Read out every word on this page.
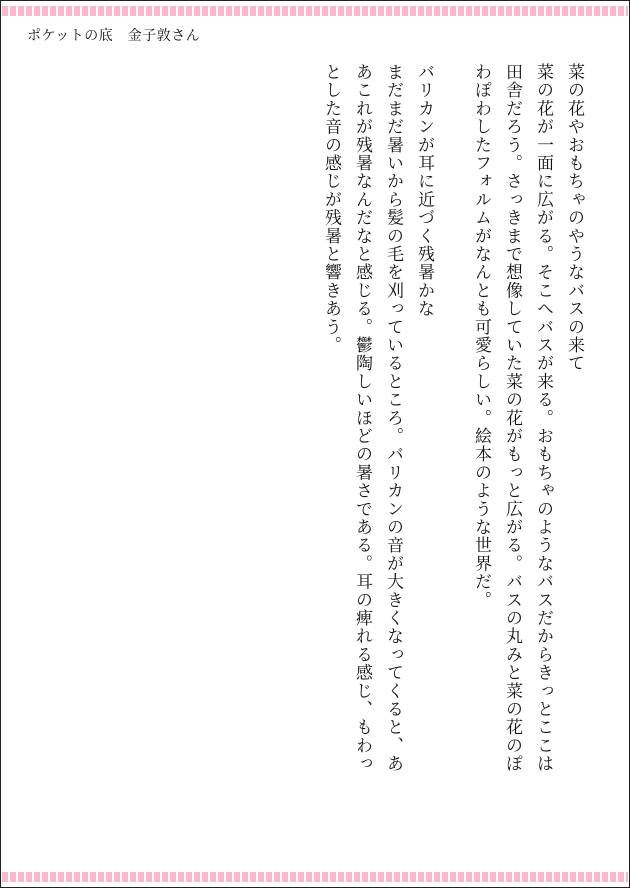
ポケットの底　金子敦さん
菜の花やおもちゃのやうなバスの来て
菜の花が一面に広がる。そこへバスが来る。おもちゃのようなバスだからきっとここは
田舎だろう。さっきまで想像していた菜の花がもっと広がる。バスの丸みと菜の花のぽ
わぽわしたフォルムがなんとも可愛らしい。絵本のような世界だ。
バリカンが耳に近づく残暑かな
まだまだ暑いから髪の毛を刈っているところ。バリカンの音が大きくなってくると、あ
あこれが残暑なんだなと感じる。鬱陶しいほどの暑さである。耳の痺れる感じ、もわっ
とした音の感じが残暑と響きあう。
